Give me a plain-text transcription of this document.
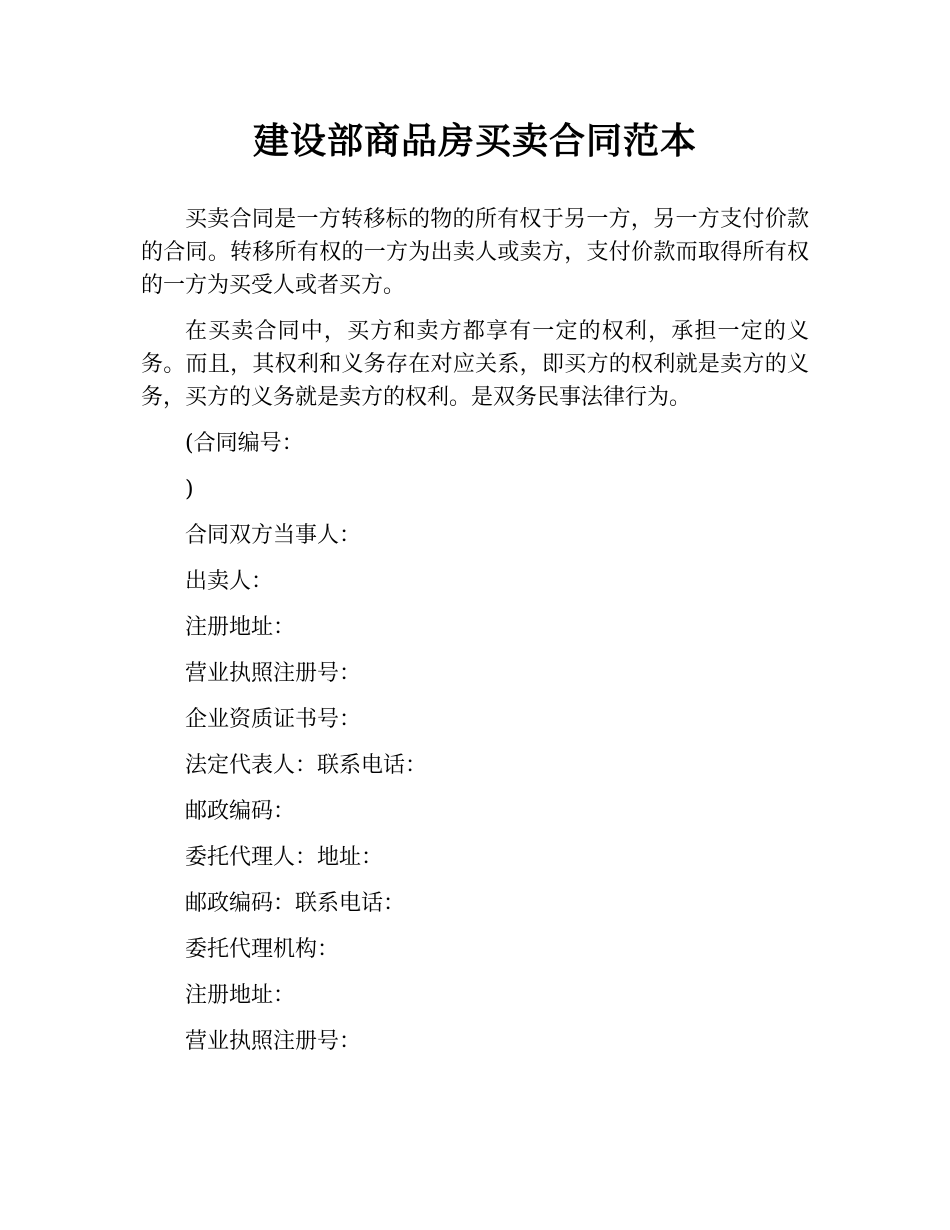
建设部商品房买卖合同范本

买卖合同是一方转移标的物的所有权于另一方，另一方支付价款的合同。转移所有权的一方为出卖人或卖方，支付价款而取得所有权的一方为买受人或者买方。

在买卖合同中，买方和卖方都享有一定的权利，承担一定的义务。而且，其权利和义务存在对应关系，即买方的权利就是卖方的义务，买方的义务就是卖方的权利。是双务民事法律行为。

(合同编号：

)

合同双方当事人：

出卖人：

注册地址：

营业执照注册号：

企业资质证书号：

法定代表人：联系电话：

邮政编码：

委托代理人：地址：

邮政编码：联系电话：

委托代理机构：

注册地址：

营业执照注册号：
